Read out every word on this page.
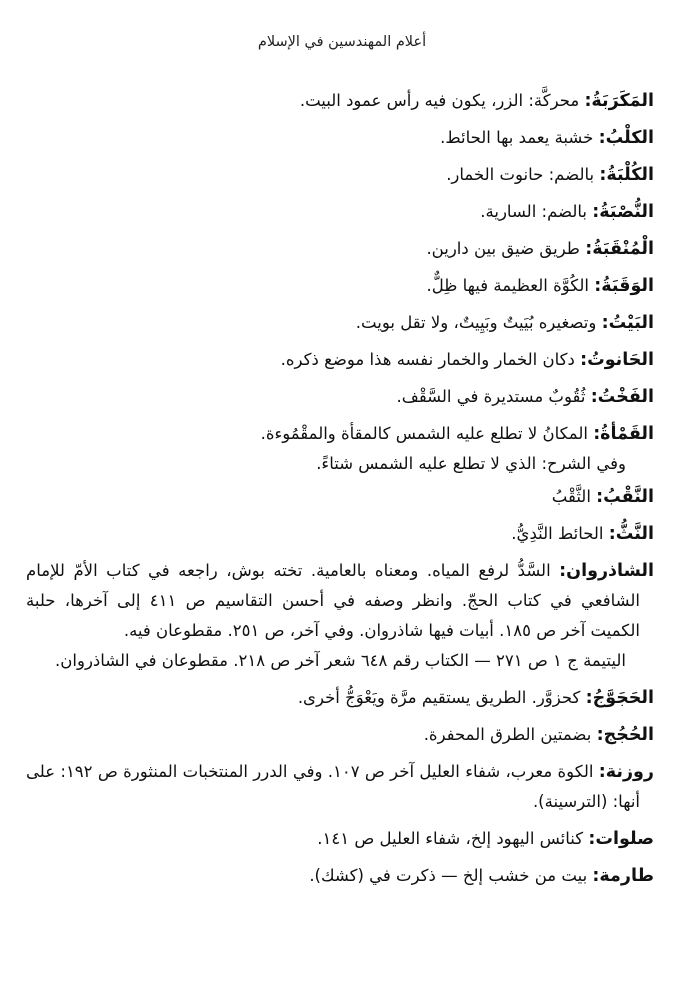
أعلام المهندسين في الإسلام
المَكَرَبَةُ: محركَّة: الزر، يكون فيه رأس عمود البيت.
الكلْبُ: خشبة يعمد بها الحائط.
الكُلْبَةُ: بالضم: حانوت الخمار.
النُّصْبَةُ: بالضم: السارية.
الْمُنْقَبَةُ: طريق ضيق بين دارين.
الوَقَبَةُ: الكُوَّة العظيمة فيها ظِلٌّ.
البَيْتُ: وتصغيره بُيَيتٌ وبَيِيتٌ، ولا تقل بويت.
الحَانوتُ: دكان الخمار والخمار نفسه هذا موضع ذكره.
الفَخْتُ: ثُقُوبٌ مستديرة في السَّقْف.
القَمْأةُ: المكانُ لا تطلع عليه الشمس كالمقأة والمقْمُوءة.
وفي الشرح: الذي لا تطلع عليه الشمس شتاءً.
النَّقْبُ: الثَّقْبُ
النَّثُّ: الحائط النَّدِيُّ.
الشاذروان: السَّدُّ لرفع المياه. ومعناه بالعامية. تخته بوش، راجعه في كتاب الأمّ للإمام الشافعي في كتاب الحجّ. وانظر وصفه في أحسن التقاسيم ص ٤١١ إلى آخرها، حلبة الكميت آخر ص ١٨٥. أبيات فيها شاذروان. وفي آخر، ص ٢٥١. مقطوعان فيه.
اليتيمة ج ١ ص ٢٧١ — الكتاب رقم ٦٤٨ شعر آخر ص ٢١٨. مقطوعان في الشاذروان.
الحَجَوَّجُ: كحزوَّر. الطريق يستقيم مرَّة ويَعْوَجُّ أخرى.
الحُجُج: بضمتين الطرق المحفرة.
روزنة: الكوة معرب، شفاء العليل آخر ص ١٠٧. وفي الدرر المنتخبات المنثورة ص ١٩٢: على أنها: (الترسينة).
صلوات: كنائس اليهود إلخ، شفاء العليل ص ١٤١.
طارمة: بيت من خشب إلخ — ذكرت في (كشك).
